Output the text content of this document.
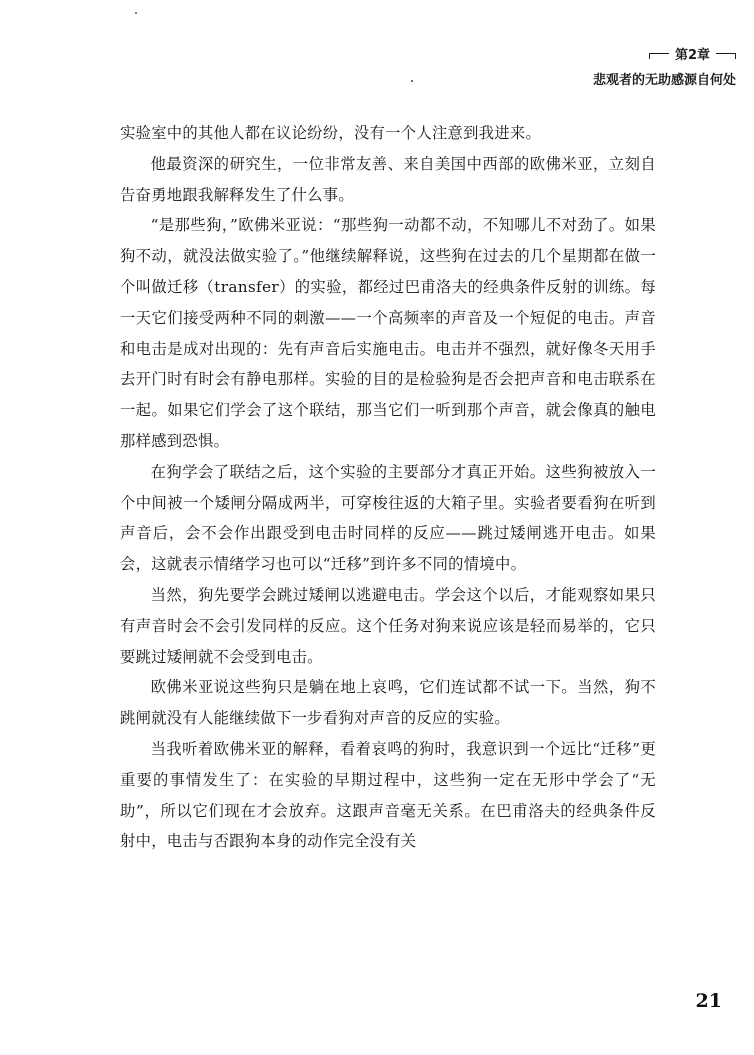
第2章
悲观者的无助感源自何处

实验室中的其他人都在议论纷纷，没有一个人注意到我进来。

他最资深的研究生，一位非常友善、来自美国中西部的欧佛米亚，立刻自告奋勇地跟我解释发生了什么事。

“是那些狗，”欧佛米亚说：“那些狗一动都不动，不知哪儿不对劲了。如果狗不动，就没法做实验了。”他继续解释说，这些狗在过去的几个星期都在做一个叫做迁移（transfer）的实验，都经过巴甫洛夫的经典条件反射的训练。每一天它们接受两种不同的刺激——一个高频率的声音及一个短促的电击。声音和电击是成对出现的：先有声音后实施电击。电击并不强烈，就好像冬天用手去开门时有时会有静电那样。实验的目的是检验狗是否会把声音和电击联系在一起。如果它们学会了这个联结，那当它们一听到那个声音，就会像真的触电那样感到恐惧。

在狗学会了联结之后，这个实验的主要部分才真正开始。这些狗被放入一个中间被一个矮闸分隔成两半，可穿梭往返的大箱子里。实验者要看狗在听到声音后，会不会作出跟受到电击时同样的反应——跳过矮闸逃开电击。如果会，这就表示情绪学习也可以“迁移”到许多不同的情境中。

当然，狗先要学会跳过矮闸以逃避电击。学会这个以后，才能观察如果只有声音时会不会引发同样的反应。这个任务对狗来说应该是轻而易举的，它只要跳过矮闸就不会受到电击。

欧佛米亚说这些狗只是躺在地上哀鸣，它们连试都不试一下。当然，狗不跳闸就没有人能继续做下一步看狗对声音的反应的实验。

当我听着欧佛米亚的解释，看着哀鸣的狗时，我意识到一个远比“迁移”更重要的事情发生了：在实验的早期过程中，这些狗一定在无形中学会了“无助”，所以它们现在才会放弃。这跟声音毫无关系。在巴甫洛夫的经典条件反射中，电击与否跟狗本身的动作完全没有关

21
